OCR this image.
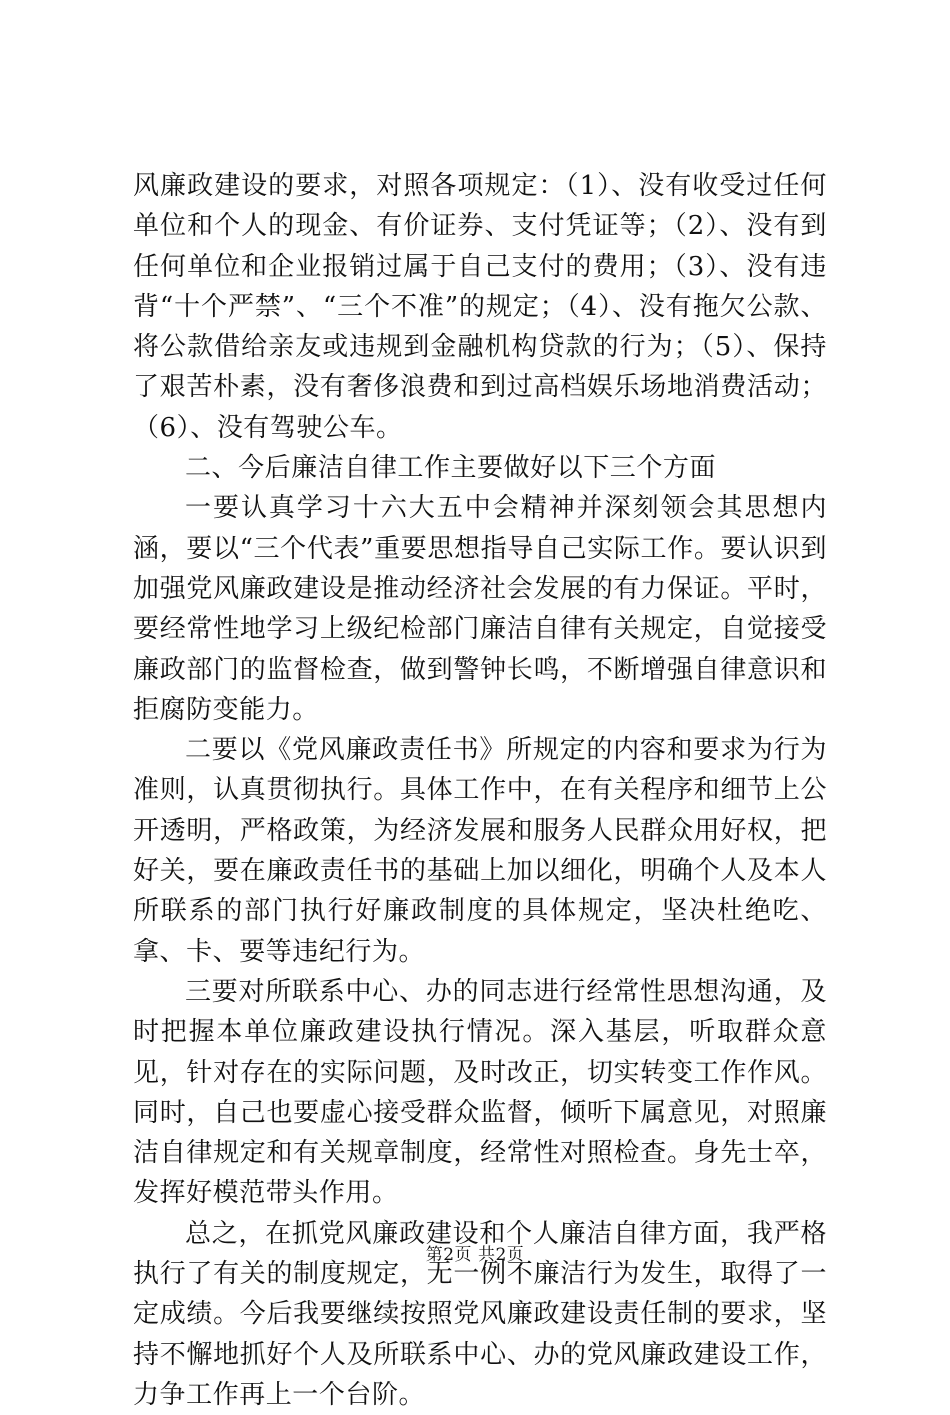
风廉政建设的要求，对照各项规定：（1）、没有收受过任何单位和个人的现金、有价证券、支付凭证等；（2）、没有到任何单位和企业报销过属于自己支付的费用；（3）、没有违背“十个严禁”、“三个不准”的规定；（4）、没有拖欠公款、将公款借给亲友或违规到金融机构贷款的行为；（5）、保持了艰苦朴素，没有奢侈浪费和到过高档娱乐场地消费活动；（6）、没有驾驶公车。

二、今后廉洁自律工作主要做好以下三个方面

一要认真学习十六大五中会精神并深刻领会其思想内涵，要以“三个代表”重要思想指导自己实际工作。要认识到加强党风廉政建设是推动经济社会发展的有力保证。平时，要经常性地学习上级纪检部门廉洁自律有关规定，自觉接受廉政部门的监督检查，做到警钟长鸣，不断增强自律意识和拒腐防变能力。

二要以《党风廉政责任书》所规定的内容和要求为行为准则，认真贯彻执行。具体工作中，在有关程序和细节上公开透明，严格政策，为经济发展和服务人民群众用好权，把好关，要在廉政责任书的基础上加以细化，明确个人及本人所联系的部门执行好廉政制度的具体规定，坚决杜绝吃、拿、卡、要等违纪行为。

三要对所联系中心、办的同志进行经常性思想沟通，及时把握本单位廉政建设执行情况。深入基层，听取群众意见，针对存在的实际问题，及时改正，切实转变工作作风。同时，自己也要虚心接受群众监督，倾听下属意见，对照廉洁自律规定和有关规章制度，经常性对照检查。身先士卒，发挥好模范带头作用。

总之，在抓党风廉政建设和个人廉洁自律方面，我严格执行了有关的制度规定，无一例不廉洁行为发生，取得了一定成绩。今后我要继续按照党风廉政建设责任制的要求，坚持不懈地抓好个人及所联系中心、办的党风廉政建设工作，力争工作再上一个台阶。

第2页 共2页
